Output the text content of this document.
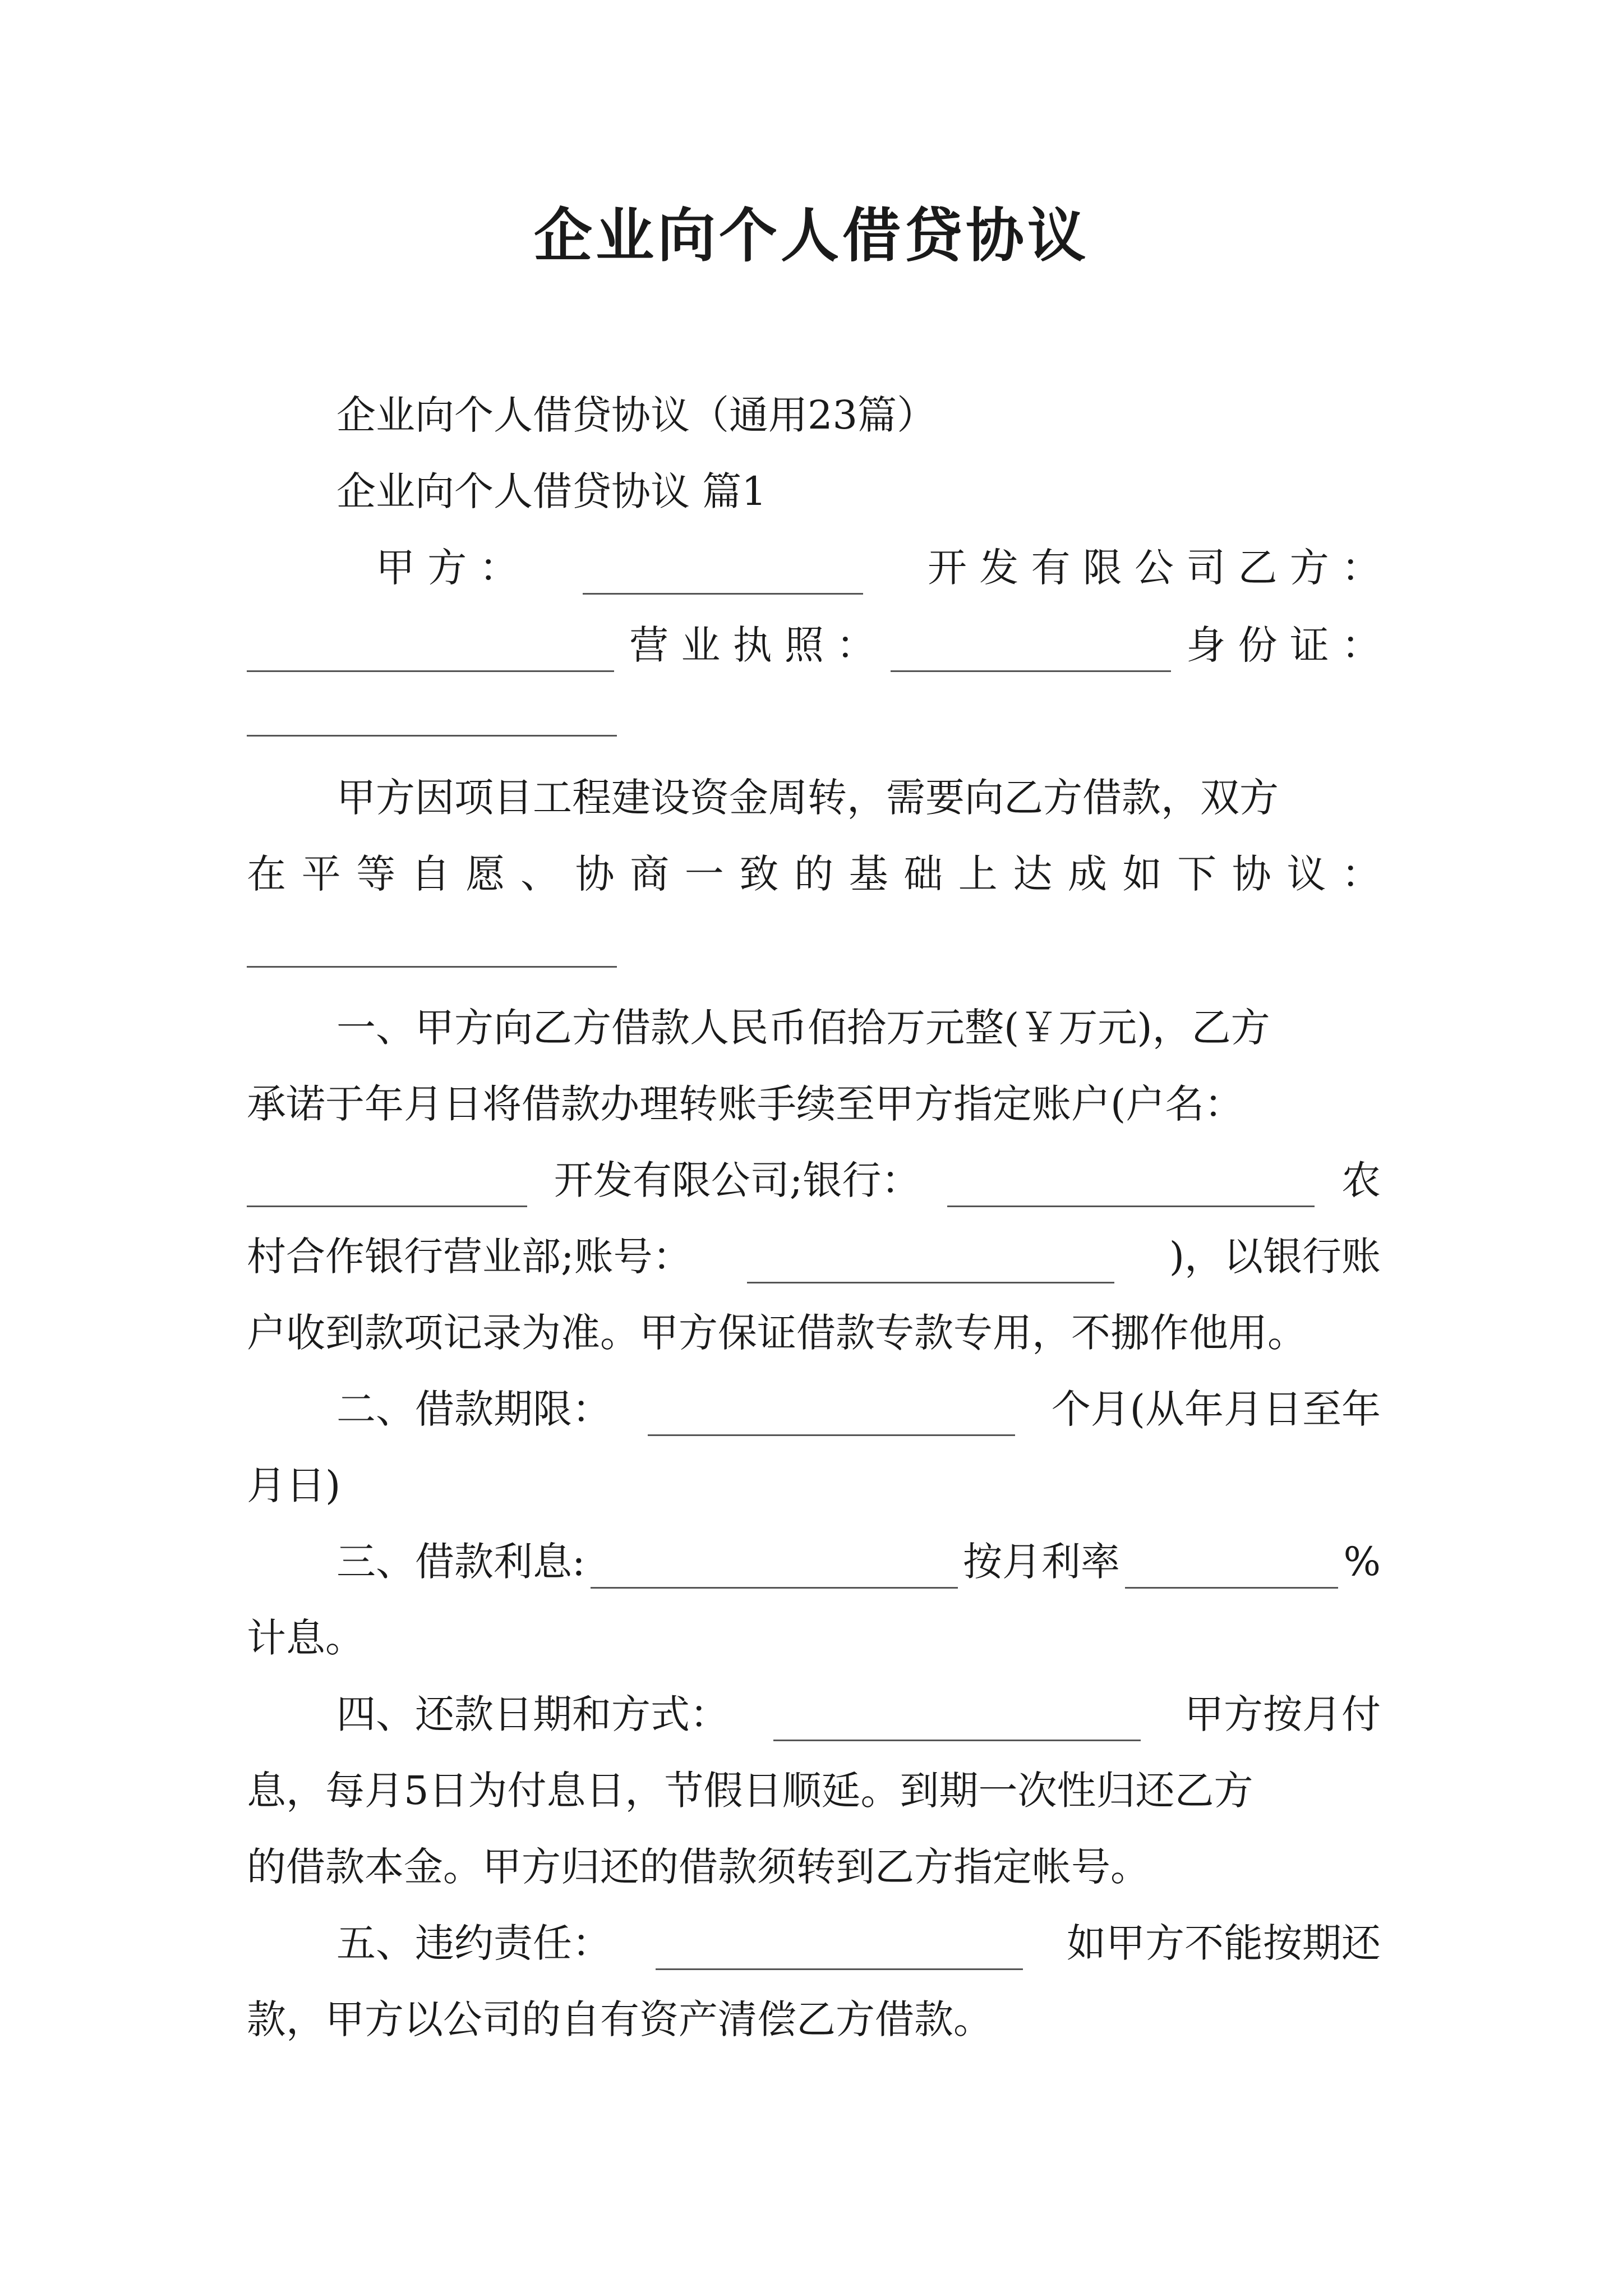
企业向个人借贷协议
企业向个人借贷协议（通用23篇）
企业向个人借贷协议 篇1
甲 方 ：	开 发 有 限 公 司 乙 方 ：
营 业 执 照 ：	身 份 证 ：
甲方因项目工程建设资金周转，需要向乙方借款，双方
在 平 等 自 愿 、 协 商 一 致 的 基 础 上 达 成 如 下 协 议 ：
一、甲方向乙方借款人民币佰拾万元整(￥万元)，乙方
承诺于年月日将借款办理转账手续至甲方指定账户(户名：
开发有限公司;银行：	农
村合作银行营业部;账号：	)，以银行账
户收到款项记录为准。甲方保证借款专款专用，不挪作他用。
二、借款期限：	个月(从年月日至年
月日)
三、借款利息:	按月利率	%
计息。
四、还款日期和方式：	甲方按月付
息，每月5日为付息日，节假日顺延。到期一次性归还乙方
的借款本金。甲方归还的借款须转到乙方指定帐号。
五、违约责任：	如甲方不能按期还
款，甲方以公司的自有资产清偿乙方借款。
